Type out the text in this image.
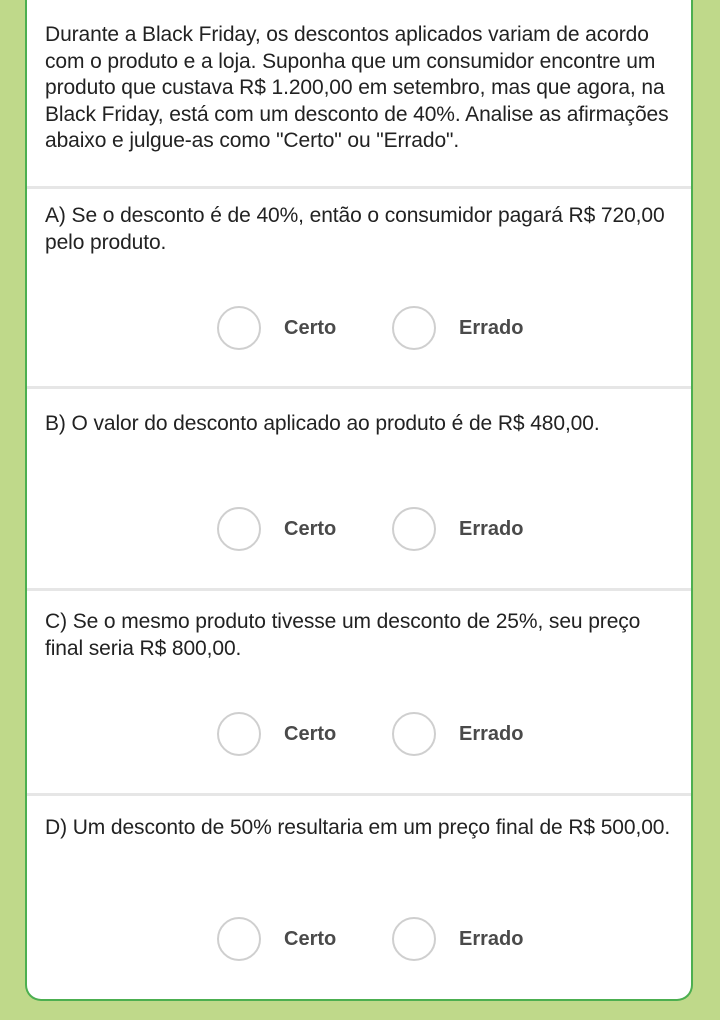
Durante a Black Friday, os descontos aplicados variam de acordo com o produto e a loja. Suponha que um consumidor encontre um produto que custava R$ 1.200,00 em setembro, mas que agora, na Black Friday, está com um desconto de 40%. Analise as afirmações abaixo e julgue-as como "Certo" ou "Errado".
A) Se o desconto é de 40%, então o consumidor pagará R$ 720,00 pelo produto.
Certo	Errado
B) O valor do desconto aplicado ao produto é de R$ 480,00.
Certo	Errado
C) Se o mesmo produto tivesse um desconto de 25%, seu preço final seria R$ 800,00.
Certo	Errado
D) Um desconto de 50% resultaria em um preço final de R$ 500,00.
Certo	Errado
